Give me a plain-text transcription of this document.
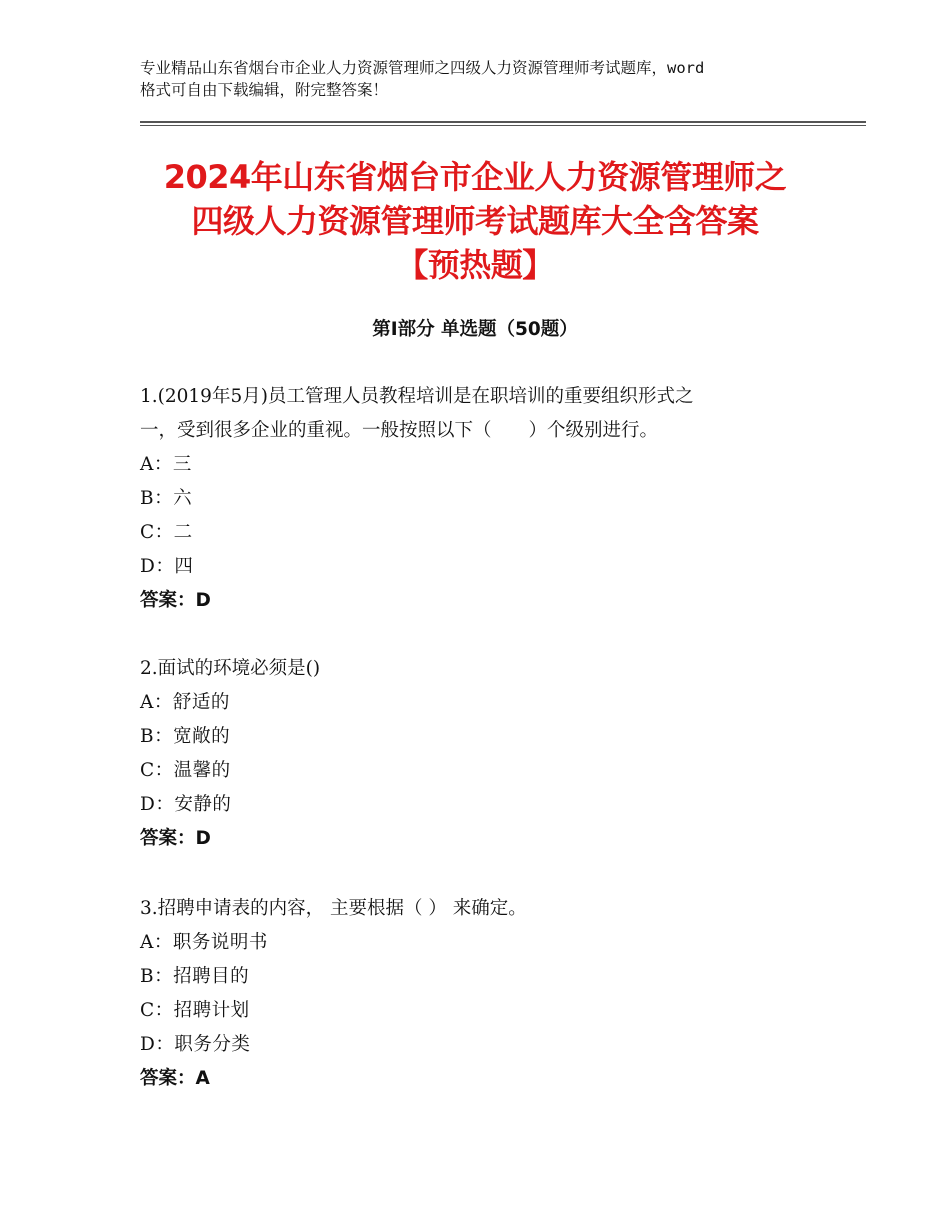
专业精品山东省烟台市企业人力资源管理师之四级人力资源管理师考试题库，word
格式可自由下载编辑，附完整答案！
2024年山东省烟台市企业人力资源管理师之
四级人力资源管理师考试题库大全含答案
【预热题】
第Ⅰ部分 单选题（50题）
1.(2019年5月)员工管理人员教程培训是在职培训的重要组织形式之
一，受到很多企业的重视。一般按照以下（　　）个级别进行。
A：三
B：六
C：二
D：四
答案：D
2.面试的环境必须是()
A：舒适的
B：宽敞的
C：温馨的
D：安静的
答案：D
3.招聘申请表的内容， 主要根据（ ） 来确定。
A：职务说明书
B：招聘目的
C：招聘计划
D：职务分类
答案：A
